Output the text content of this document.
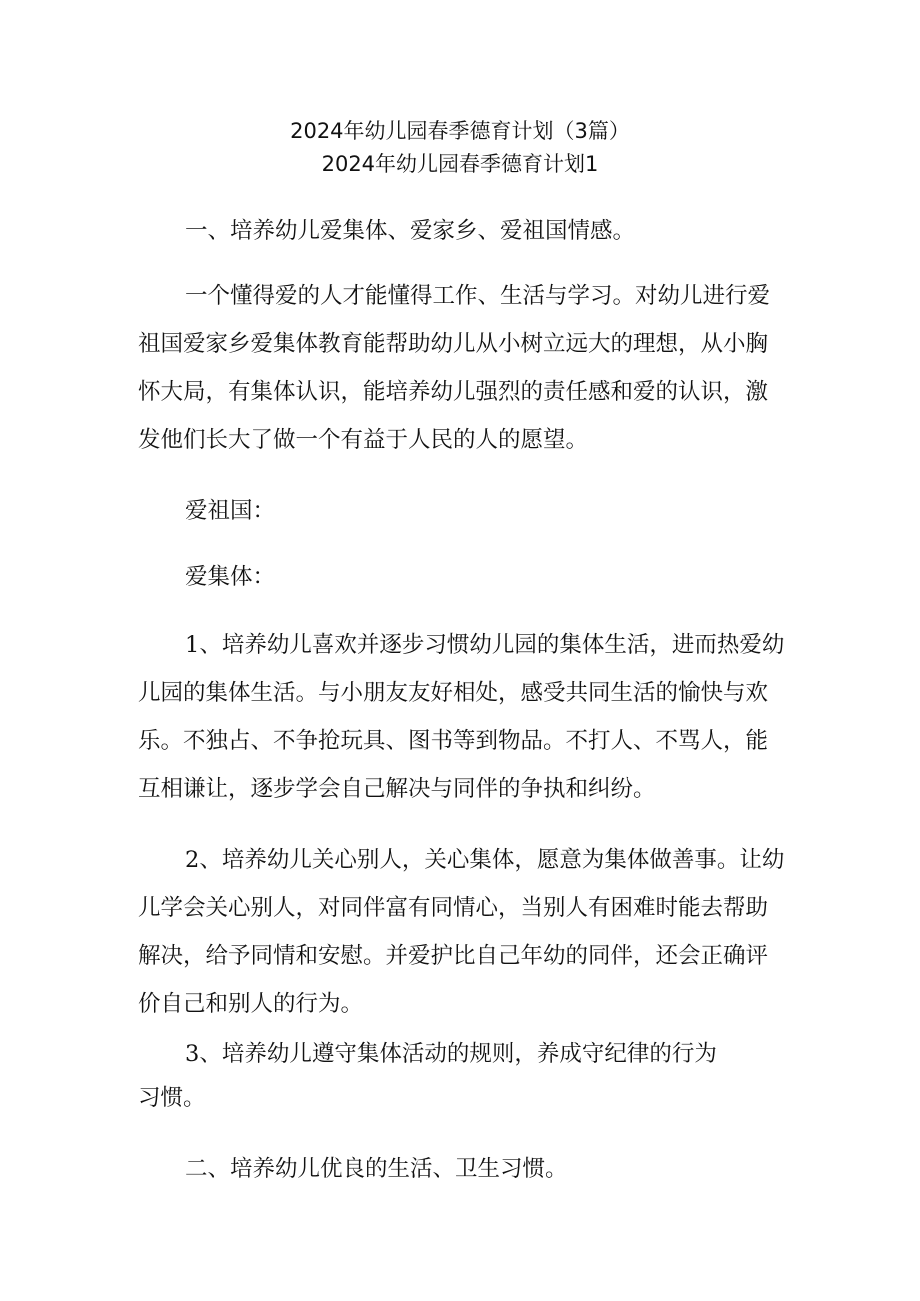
2024年幼儿园春季德育计划（3篇）
2024年幼儿园春季德育计划1

一、培养幼儿爱集体、爱家乡、爱祖国情感。

一个懂得爱的人才能懂得工作、生活与学习。对幼儿进行爱祖国爱家乡爱集体教育能帮助幼儿从小树立远大的理想，从小胸怀大局，有集体认识，能培养幼儿强烈的责任感和爱的认识，激发他们长大了做一个有益于人民的人的愿望。

爱祖国：

爱集体：

1、培养幼儿喜欢并逐步习惯幼儿园的集体生活，进而热爱幼儿园的集体生活。与小朋友友好相处，感受共同生活的愉快与欢乐。不独占、不争抢玩具、图书等到物品。不打人、不骂人，能互相谦让，逐步学会自己解决与同伴的争执和纠纷。

2、培养幼儿关心别人，关心集体，愿意为集体做善事。让幼儿学会关心别人，对同伴富有同情心，当别人有困难时能去帮助解决，给予同情和安慰。并爱护比自己年幼的同伴，还会正确评价自己和别人的行为。

3、培养幼儿遵守集体活动的规则，养成守纪律的行为
习惯。

二、培养幼儿优良的生活、卫生习惯。
